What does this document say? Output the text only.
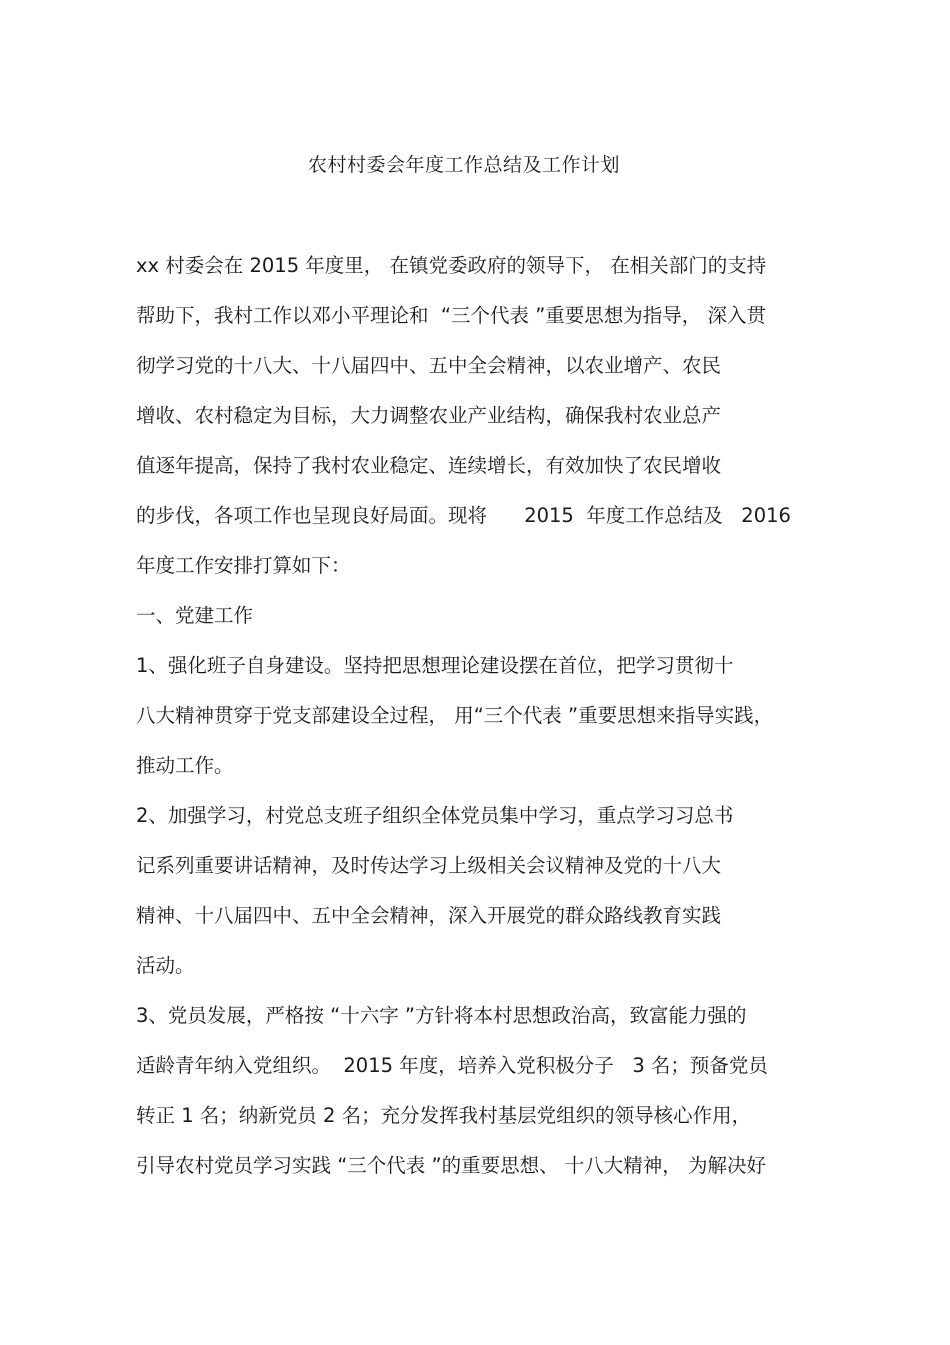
农村村委会年度工作总结及工作计划
xx 村委会在 2015 年度里， 在镇党委政府的领导下， 在相关部门的支持
帮助下，我村工作以邓小平理论和  “三个代表 ”重要思想为指导， 深入贯
彻学习党的十八大、十八届四中、五中全会精神，以农业增产、农民
增收、农村稳定为目标，大力调整农业产业结构，确保我村农业总产
值逐年提高，保持了我村农业稳定、连续增长，有效加快了农民增收
的步伐，各项工作也呈现良好局面。现将      2015  年度工作总结及   2016
年度工作安排打算如下：
一、党建工作
1、强化班子自身建设。坚持把思想理论建设摆在首位，把学习贯彻十
八大精神贯穿于党支部建设全过程， 用“三个代表 ”重要思想来指导实践，
推动工作。
2、加强学习，村党总支班子组织全体党员集中学习，重点学习习总书
记系列重要讲话精神，及时传达学习上级相关会议精神及党的十八大
精神、十八届四中、五中全会精神，深入开展党的群众路线教育实践
活动。
3、党员发展，严格按 “十六字 ”方针将本村思想政治高，致富能力强的
适龄青年纳入党组织。  2015 年度，培养入党积极分子   3 名；预备党员
转正 1 名；纳新党员 2 名；充分发挥我村基层党组织的领导核心作用，
引导农村党员学习实践 “三个代表 ”的重要思想、 十八大精神， 为解决好
